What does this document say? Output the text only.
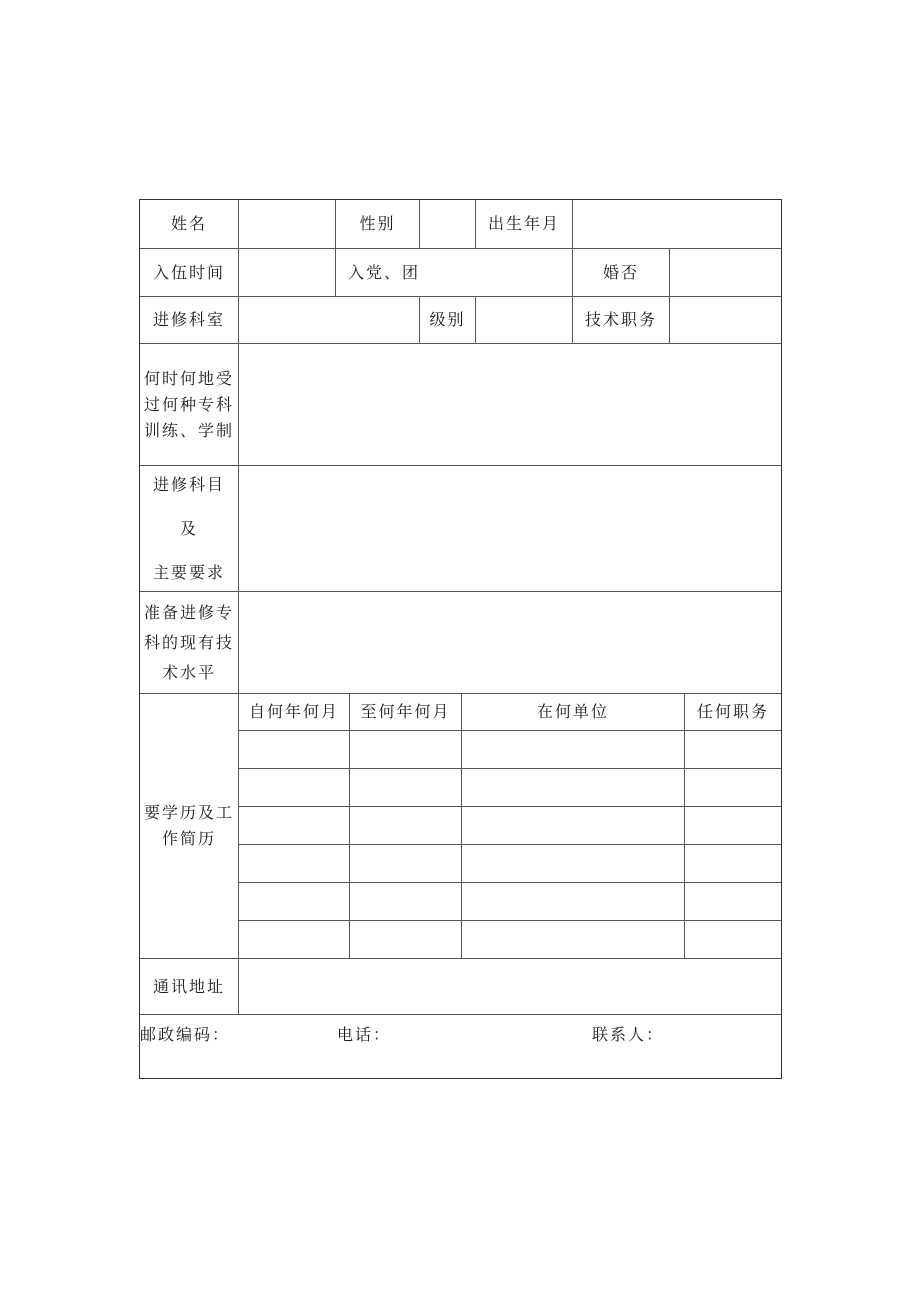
姓名	性别	出生年月
入伍时间	入党、团	婚否
进修科室	级别	技术职务
何时何地受
过何种专科
训练、学制
进修科目
及
主要要求
准备进修专
科的现有技
术水平
要学历及工
作简历
自何年何月	至何年何月	在何单位	任何职务
通讯地址
邮政编码：	电话：	联系人：
